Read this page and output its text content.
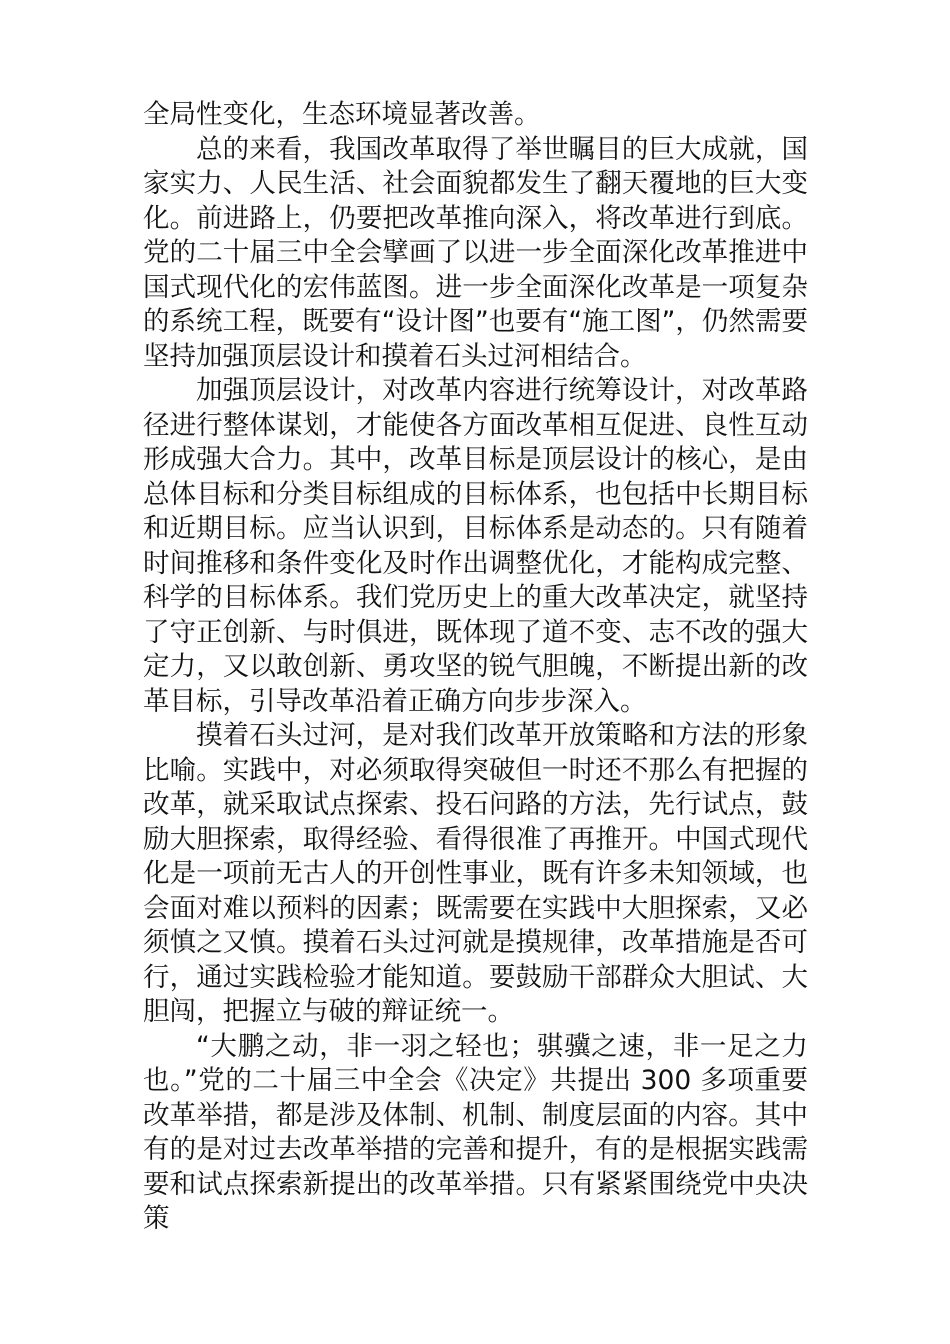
全局性变化，生态环境显著改善。

总的来看，我国改革取得了举世瞩目的巨大成就，国家实力、人民生活、社会面貌都发生了翻天覆地的巨大变化。前进路上，仍要把改革推向深入，将改革进行到底。党的二十届三中全会擘画了以进一步全面深化改革推进中国式现代化的宏伟蓝图。进一步全面深化改革是一项复杂的系统工程，既要有“设计图”也要有“施工图”，仍然需要坚持加强顶层设计和摸着石头过河相结合。

加强顶层设计，对改革内容进行统筹设计，对改革路径进行整体谋划，才能使各方面改革相互促进、良性互动形成强大合力。其中，改革目标是顶层设计的核心，是由总体目标和分类目标组成的目标体系，也包括中长期目标和近期目标。应当认识到，目标体系是动态的。只有随着时间推移和条件变化及时作出调整优化，才能构成完整、科学的目标体系。我们党历史上的重大改革决定，就坚持了守正创新、与时俱进，既体现了道不变、志不改的强大定力，又以敢创新、勇攻坚的锐气胆魄，不断提出新的改革目标，引导改革沿着正确方向步步深入。

摸着石头过河，是对我们改革开放策略和方法的形象比喻。实践中，对必须取得突破但一时还不那么有把握的改革，就采取试点探索、投石问路的方法，先行试点，鼓励大胆探索，取得经验、看得很准了再推开。中国式现代化是一项前无古人的开创性事业，既有许多未知领域，也会面对难以预料的因素；既需要在实践中大胆探索，又必须慎之又慎。摸着石头过河就是摸规律，改革措施是否可行，通过实践检验才能知道。要鼓励干部群众大胆试、大胆闯，把握立与破的辩证统一。

“大鹏之动，非一羽之轻也；骐骥之速，非一足之力也。”党的二十届三中全会《决定》共提出 300 多项重要改革举措，都是涉及体制、机制、制度层面的内容。其中有的是对过去改革举措的完善和提升，有的是根据实践需要和试点探索新提出的改革举措。只有紧紧围绕党中央决策
